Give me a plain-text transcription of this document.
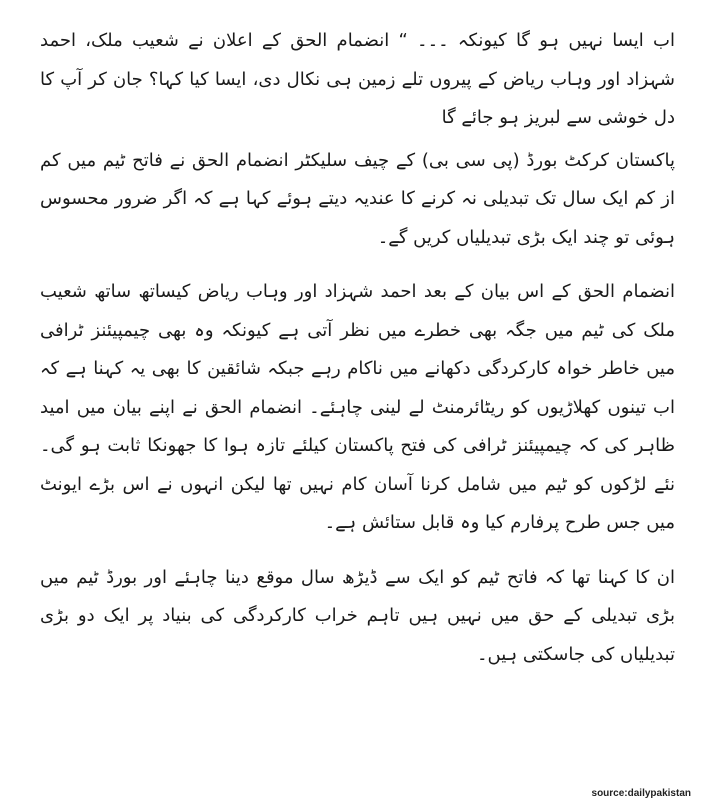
اب ایسا نہیں ہو گا کیونکہ ۔۔۔ “ انضمام الحق کے اعلان نے شعیب ملک، احمد شہزاد اور وہاب ریاض کے پیروں تلے زمین ہی نکال دی، ایسا کیا کہا؟ جان کر آپ کا دل خوشی سے لبریز ہو جائے گا

پاکستان کرکٹ بورڈ (پی سی بی) کے چیف سلیکٹر انضمام الحق نے فاتح ٹیم میں کم از کم ایک سال تک تبدیلی نہ کرنے کا عندیہ دیتے ہوئے کہا ہے کہ اگر ضرور محسوس ہوئی تو چند ایک بڑی تبدیلیاں کریں گے۔

انضمام الحق کے اس بیان کے بعد احمد شہزاد اور وہاب ریاض کیساتھ ساتھ شعیب ملک کی ٹیم میں جگہ بھی خطرے میں نظر آتی ہے کیونکہ وہ بھی چیمپیئنز ٹرافی میں خاطر خواہ کارکردگی دکھانے میں ناکام رہے جبکہ شائقین کا بھی یہ کہنا ہے کہ اب تینوں کھلاڑیوں کو ریٹائرمنٹ لے لینی چاہئے۔ انضمام الحق نے اپنے بیان میں امید ظاہر کی کہ چیمپیئنز ٹرافی کی فتح پاکستان کیلئے تازہ ہوا کا جھونکا ثابت ہو گی۔ نئے لڑکوں کو ٹیم میں شامل کرنا آسان کام نہیں تھا لیکن انہوں نے اس بڑے ایونٹ میں جس طرح پرفارم کیا وہ قابل ستائش ہے۔

ان کا کہنا تھا کہ فاتح ٹیم کو ایک سے ڈیڑھ سال موقع دینا چاہئے اور بورڈ ٹیم میں بڑی تبدیلی کے حق میں نہیں ہیں تاہم خراب کارکردگی کی بنیاد پر ایک دو بڑی تبدیلیاں کی جاسکتی ہیں۔

source:dailypakistan
